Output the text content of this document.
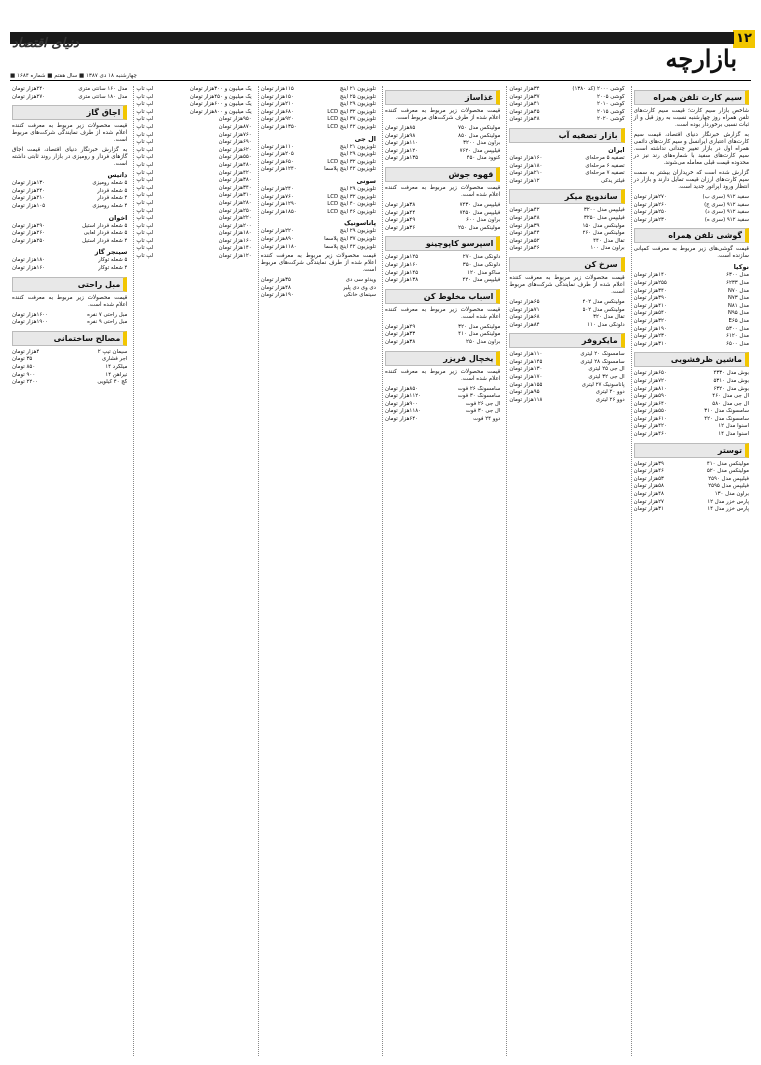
۱۲
دنیای اقتصاد
بازارچه
■ چهارشنبه ۱۸ دی ۱۳۸۷ ■ سال هفتم ■ شماره ۱۶۸۴
سیم کارت تلفن همراه
شاخص بازار سیم کارت؛ قیمت سیم کارت‌های تلفن همراه روز چهارشنبه نسبت به روز قبل و از ثبات نسبی برخوردار بوده است.
به گزارش خبرنگار دنیای اقتصاد، قیمت سیم کارت‌های اعتباری ایرانسل و سیم کارت‌های دائمی همراه اول در بازار تغییر چندانی نداشته است. سیم کارت‌های سفید با شماره‌های رند نیز در محدوده قیمت قبلی معامله می‌شوند.
گزارش شده است که خریداران بیشتر به سمت سیم کارت‌های ارزان قیمت تمایل دارند و بازار در انتظار ورود اپراتور جدید است.
سفید ۹۱۲ (سری ب)
۲۷۰هزار تومان
سفید ۹۱۲ (سری ج)
۲۶۰هزار تومان
سفید ۹۱۲ (سری د)
۲۵۰هزار تومان
سفید ۹۱۲ (سری ه)
۲۳۰هزار تومان
گوشی تلفن همراه
قیمت گوشی‌های زیر مربوط به معرفت کمپانی سازنده است.
نوکیا
مدل ۶۳۰۰
۱۴۰هزار تومان
مدل ۶۲۳۳
۲۵۵هزار تومان
مدل N۷۰
۳۴۰هزار تومان
مدل N۷۳
۳۹۰هزار تومان
مدل N۸۱
۴۱۰هزار تومان
مدل N۹۵
۵۴۰هزار تومان
مدل E۶۵
۳۲۰هزار تومان
مدل ۵۳۰۰
۱۹۰هزار تومان
مدل ۶۱۲۰
۲۳۰هزار تومان
مدل ۶۵۰۰
۳۱۰هزار تومان
ماشین ظرفشویی
بوش مدل ۴۳۳۰
۶۵۰هزار تومان
بوش مدل ۵۳۱۰
۷۲۰هزار تومان
بوش مدل ۶۳۲۰
۸۱۰هزار تومان
ال جی مدل ۴۶۰
۵۹۰هزار تومان
ال جی مدل ۵۸۰
۶۴۰هزار تومان
سامسونگ مدل ۳۱۰
۵۵۰هزار تومان
سامسونگ مدل ۴۲۰
۶۱۰هزار تومان
اسنوا مدل ۱۲
۴۲۰هزار تومان
اسنوا مدل ۱۴
۴۶۰هزار تومان
توستر
مولینکس مدل ۴۱۰
۳۹هزار تومان
مولینکس مدل ۵۲۰
۴۶هزار تومان
فیلیپس مدل ۲۵۹۰
۵۳هزار تومان
فیلیپس مدل ۲۵۹۵
۵۸هزار تومان
براون مدل ۱۳۰
۴۸هزار تومان
پارس خزر مدل ۱۲
۲۷هزار تومان
پارس خزر مدل ۱۴
۳۱هزار تومان
گوشی ۲۰۰۰ (کد ۱۳۸۰)
۳۴هزار تومان
گوشی ۲۰۰۵
۳۷هزار تومان
گوشی ۲۰۱۰
۴۱هزار تومان
گوشی ۲۰۱۵
۴۵هزار تومان
گوشی ۲۰۲۰
۴۸هزار تومان
بازار تصفیه آب
ایران
تصفیه ۵ مرحله‌ای
۱۶۰هزار تومان
تصفیه ۶ مرحله‌ای
۱۸۰هزار تومان
تصفیه ۷ مرحله‌ای
۲۱۰هزار تومان
فیلتر یدکی
۱۲هزار تومان
ساندویچ میکر
فیلیپس مدل ۳۲۰۰
۴۲هزار تومان
فیلیپس مدل ۳۲۵۰
۴۸هزار تومان
مولینکس مدل ۱۵۰
۳۹هزار تومان
مولینکس مدل ۲۶۰
۴۴هزار تومان
تفال مدل ۴۴۰
۵۲هزار تومان
براون مدل ۱۰۰
۴۶هزار تومان
سرخ کن
قیمت محصولات زیر مربوط به معرفت کننده اعلام شده از طرف نمایندگی شرکت‌های مربوط است.
مولینکس مدل ۴۰۲
۶۵هزار تومان
مولینکس مدل ۵۰۲
۷۱هزار تومان
تفال مدل ۳۲۰
۶۸هزار تومان
دلونگی مدل ۱۱۰
۸۴هزار تومان
مایکروفر
سامسونگ ۲۰ لیتری
۱۱۰هزار تومان
سامسونگ ۲۸ لیتری
۱۴۵هزار تومان
ال جی ۲۵ لیتری
۱۳۰هزار تومان
ال جی ۳۲ لیتری
۱۷۰هزار تومان
پاناسونیک ۲۷ لیتری
۱۵۵هزار تومان
دوو ۲۰ لیتری
۹۵هزار تومان
دوو ۲۶ لیتری
۱۱۸هزار تومان
غذاساز
قیمت محصولات زیر مربوط به معرفت کننده اعلام شده از طرف شرکت‌های مربوط است.
مولینکس مدل ۷۵۰
۸۵هزار تومان
مولینکس مدل ۸۵۰
۹۸هزار تومان
براون مدل ۳۲۰۰
۱۱۰هزار تومان
فیلیپس مدل ۷۶۲۰
۱۲۰هزار تومان
کنوود مدل ۴۵۰
۱۳۵هزار تومان
قهوه جوش
قیمت محصولات زیر مربوط به معرفت کننده اعلام شده است.
فیلیپس مدل ۷۴۳۰
۳۸هزار تومان
فیلیپس مدل ۷۴۵۰
۴۴هزار تومان
براون مدل ۶۰۰
۴۹هزار تومان
مولینکس مدل ۲۵۰
۳۶هزار تومان
اسپرسو کاپوچینو
دلونگی مدل ۲۷۰
۱۲۵هزار تومان
دلونگی مدل ۳۵۰
۱۶۰هزار تومان
ساکو مدل ۱۲۰
۱۴۵هزار تومان
فیلیپس مدل ۴۲۰
۱۳۸هزار تومان
اسباب مخلوط کن
قیمت محصولات زیر مربوط به معرفت کننده اعلام شده است.
مولینکس مدل ۳۲۰
۲۹هزار تومان
مولینکس مدل ۴۱۰
۳۳هزار تومان
براون مدل ۲۵۰
۳۸هزار تومان
یخچال فریزر
قیمت محصولات زیر مربوط به معرفت کننده اعلام شده است.
سامسونگ ۲۶ فوت
۸۵۰هزار تومان
سامسونگ ۳۰ فوت
۱۱۲۰هزار تومان
ال جی ۲۶ فوت
۹۰۰هزار تومان
ال جی ۳۰ فوت
۱۱۸۰هزار تومان
دوو ۲۴ فوت
۶۴۰هزار تومان
تلویزیون ۲۱ اینچ
۱۱۵هزار تومان
تلویزیون ۲۵ اینچ
۱۵۰هزار تومان
تلویزیون ۲۹ اینچ
۲۱۰هزار تومان
تلویزیون ۳۲ اینچ LCD
۶۸۰هزار تومان
تلویزیون ۳۷ اینچ LCD
۹۲۰هزار تومان
تلویزیون ۴۲ اینچ LCD
۱۳۵۰هزار تومان
ال جی
تلویزیون ۲۱ اینچ
۱۱۰هزار تومان
تلویزیون ۲۹ اینچ
۲۰۵هزار تومان
تلویزیون ۳۲ اینچ LCD
۶۵۰هزار تومان
تلویزیون ۴۲ اینچ پلاسما
۱۲۴۰هزار تومان
سونی
تلویزیون ۲۹ اینچ
۲۴۰هزار تومان
تلویزیون ۳۲ اینچ LCD
۷۶۰هزار تومان
تلویزیون ۴۰ اینچ LCD
۱۲۹۰هزار تومان
تلویزیون ۴۶ اینچ LCD
۱۸۵۰هزار تومان
پاناسونیک
تلویزیون ۲۹ اینچ
۲۲۰هزار تومان
تلویزیون ۳۷ اینچ پلاسما
۸۹۰هزار تومان
تلویزیون ۴۲ اینچ پلاسما
۱۱۸۰هزار تومان
قیمت محصولات زیر مربوط به معرفت کننده اعلام شده از طرف نمایندگی شرکت‌های مربوط است.
ویدئو سی دی
۳۵هزار تومان
دی وی دی پلیر
۴۸هزار تومان
سینمای خانگی
۱۹۰هزار تومان
یک میلیون و ۳۰۰هزار تومان
لپ تاپ
یک میلیون و ۴۵۰هزار تومان
لپ تاپ
یک میلیون و ۶۰۰هزار تومان
لپ تاپ
یک میلیون و ۸۰۰هزار تومان
لپ تاپ
۹۵۰هزار تومان
لپ تاپ
۸۷۰هزار تومان
لپ تاپ
۷۶۰هزار تومان
لپ تاپ
۶۹۰هزار تومان
لپ تاپ
۶۲۰هزار تومان
لپ تاپ
۵۵۰هزار تومان
لپ تاپ
۴۸۰هزار تومان
لپ تاپ
۴۲۰هزار تومان
لپ تاپ
۳۸۰هزار تومان
لپ تاپ
۳۴۰هزار تومان
لپ تاپ
۳۱۰هزار تومان
لپ تاپ
۲۸۰هزار تومان
لپ تاپ
۲۵۰هزار تومان
لپ تاپ
۲۲۰هزار تومان
لپ تاپ
۲۰۰هزار تومان
لپ تاپ
۱۸۰هزار تومان
لپ تاپ
۱۶۰هزار تومان
لپ تاپ
۱۴۰هزار تومان
لپ تاپ
۱۲۰هزار تومان
لپ تاپ
مدل ۱۶۰ سانتی متری
۲۴۰هزار تومان
مدل ۱۸۰ سانتی متری
۲۷۰هزار تومان
اجاق گاز
قیمت محصولات زیر مربوط به معرفت کننده اعلام شده از طرف نمایندگی شرکت‌های مربوط است.
به گزارش خبرنگار دنیای اقتصاد، قیمت اجاق گازهای فردار و رومیزی در بازار روند ثابتی داشته است.
داتیس
۵ شعله رومیزی
۱۳۰هزار تومان
۵ شعله فردار
۲۴۰هزار تومان
۴ شعله فردار
۲۱۰هزار تومان
۴ شعله رومیزی
۱۰۵هزار تومان
اخوان
۵ شعله فردار استیل
۲۹۰هزار تومان
۵ شعله فردار لعابی
۲۶۰هزار تومان
۴ شعله فردار استیل
۲۵۰هزار تومان
سینجر گاز
۵ شعله توکار
۱۸۰هزار تومان
۴ شعله توکار
۱۶۰هزار تومان
مبل راحتی
قیمت محصولات زیر مربوط به معرفت کننده اعلام شده است.
مبل راحتی ۷ نفره
۱۶۰۰هزار تومان
مبل راحتی ۹ نفره
۱۹۰۰هزار تومان
مصالح ساختمانی
سیمان تیپ ۲
۴هزار تومان
آجر فشاری
۳۵ تومان
میلگرد ۱۴
۸۵۰ تومان
تیرآهن ۱۴
۹۰۰ تومان
گچ ۴۰ کیلویی
۲۲۰۰ تومان
